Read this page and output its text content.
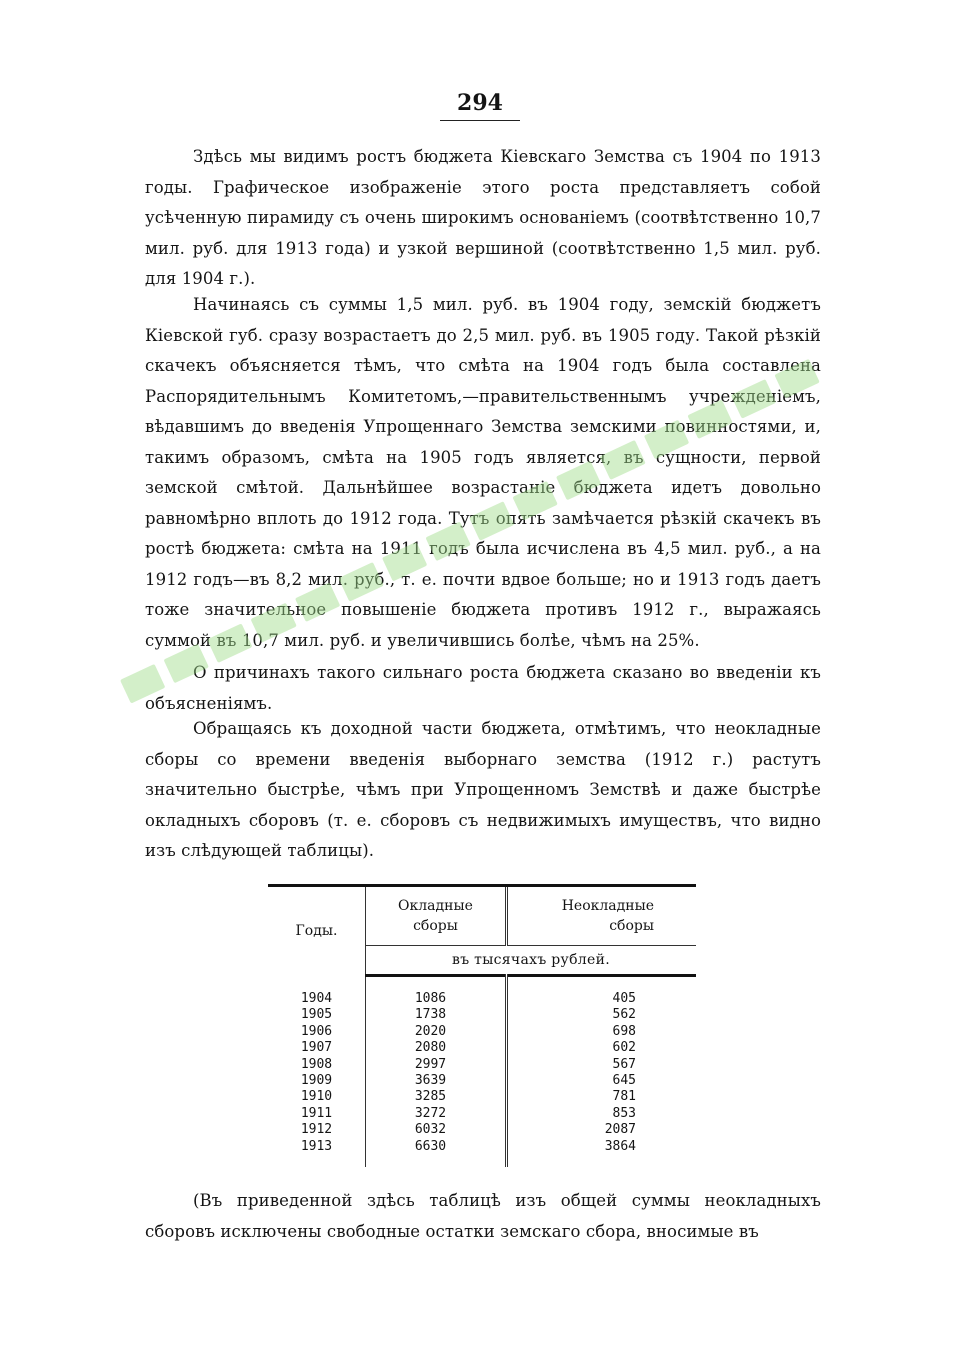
294

Здѣсь мы видимъ ростъ бюджета Кіевскаго Земства съ 1904 по 1913 годы. Графическое изображеніе этого роста представляетъ собой усѣченную пирамиду съ очень широкимъ основаніемъ (соотвѣтственно 10,7 мил. руб. для 1913 года) и узкой вершиной (соотвѣтственно 1,5 мил. руб. для 1904 г.).

Начинаясь съ суммы 1,5 мил. руб. въ 1904 году, земскій бюджетъ Кіевской губ. сразу возрастаетъ до 2,5 мил. руб. въ 1905 году. Такой рѣзкій скачекъ объясняется тѣмъ, что смѣта на 1904 годъ была составлена Распорядительнымъ Комитетомъ,—правительственнымъ учрежденіемъ, вѣдавшимъ до введенія Упрощеннаго Земства земскими повинностями, и, такимъ образомъ, смѣта на 1905 годъ является, въ сущности, первой земской смѣтой. Дальнѣйшее возрастаніе бюджета идетъ довольно равномѣрно вплоть до 1912 года. Тутъ опять замѣчается рѣзкій скачекъ въ ростѣ бюджета: смѣта на 1911 годъ была исчислена въ 4,5 мил. руб., а на 1912 годъ—въ 8,2 мил. руб., т. е. почти вдвое больше; но и 1913 годъ даетъ тоже значительное повышеніе бюджета противъ 1912 г., выражаясь суммой въ 10,7 мил. руб. и увеличившись болѣе, чѣмъ на 25%.

О причинахъ такого сильнаго роста бюджета сказано во введеніи къ объясненіямъ.

Обращаясь къ доходной части бюджета, отмѣтимъ, что неокладные сборы со времени введенія выборнаго земства (1912 г.) растутъ значительно быстрѣе, чѣмъ при Упрощенномъ Земствѣ и даже быстрѣе окладныхъ сборовъ (т. е. сборовъ съ недвижимыхъ имуществъ, что видно изъ слѣдующей таблицы).

Годы.	Окладные сборы	Неокладные сборы

	въ тысячахъ рублей.	

1904	1086	405
1905	1738	562
1906	2020	698
1907	2080	602
1908	2997	567
1909	3639	645
1910	3285	781
1911	3272	853
1912	6032	2087
1913	6630	3864

(Въ приведенной здѣсь таблицѣ изъ общей суммы неокладныхъ сборовъ исключены свободные остатки земскаго сбора, вносимые въ
